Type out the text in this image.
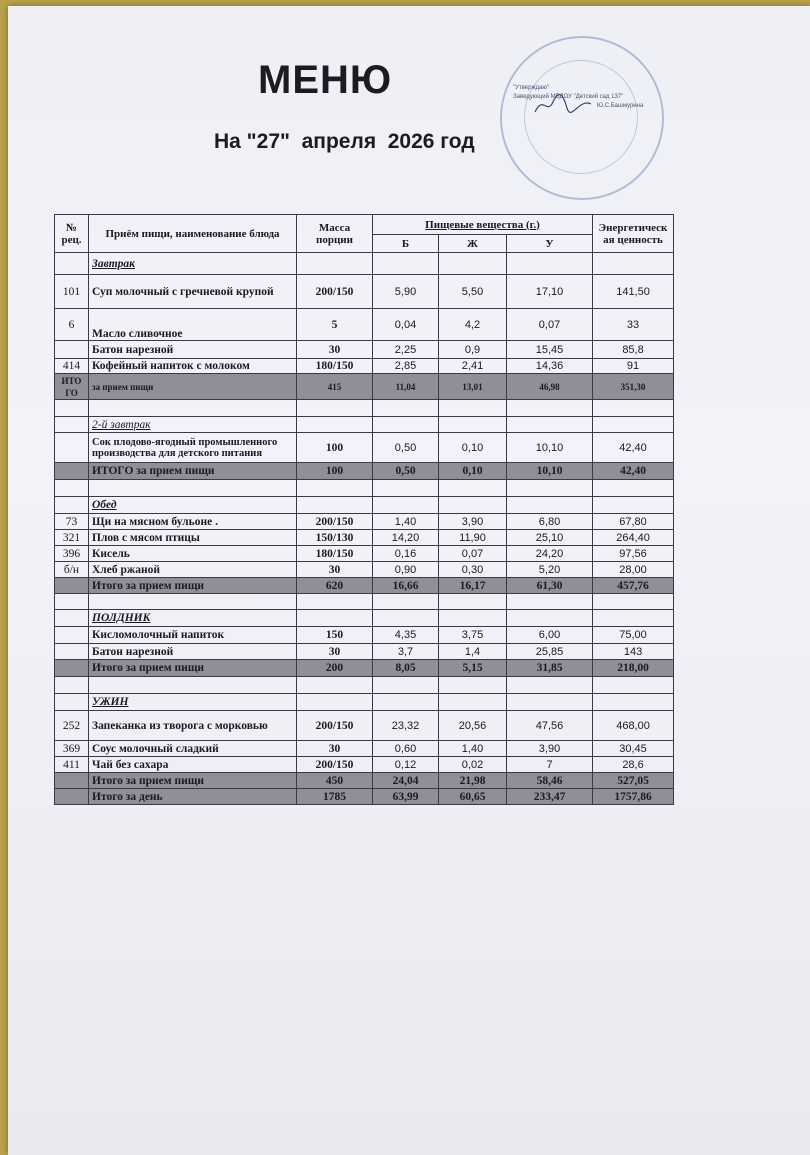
МЕНЮ
На "27"  апреля  2026 год
"Утверждаю"
Заведующий МБДОУ "Детский сад 137"
Ю.С.Башмурина
№ рец.	Приём пищи, наименование блюда	Масса порции	Пищевые вещества (г.)			Энергетическ ая ценность
			Б	Ж	У	
	Завтрак					
101	Суп молочный с гречневой крупой	200/150	5,90	5,50	17,10	141,50
6	Масло сливочное	5	0,04	4,2	0,07	33
	Батон нарезной	30	2,25	0,9	15,45	85,8
414	Кофейный напиток с молоком	180/150	2,85	2,41	14,36	91
ИТО ГО	за прием пищи	415	11,04	13,01	46,98	351,30

	2-й завтрак					
	Сок плодово-ягодный промышленного производства для детского питания	100	0,50	0,10	10,10	42,40
	ИТОГО за прием пищи	100	0,50	0,10	10,10	42,40

	Обед					
73	Щи на мясном бульоне .	200/150	1,40	3,90	6,80	67,80
321	Плов с мясом птицы	150/130	14,20	11,90	25,10	264,40
396	Кисель	180/150	0,16	0,07	24,20	97,56
б/н	Хлеб ржаной	30	0,90	0,30	5,20	28,00
	Итого за прием пищи	620	16,66	16,17	61,30	457,76

	ПОЛДНИК					
	Кисломолочный напиток	150	4,35	3,75	6,00	75,00
	Батон нарезной	30	3,7	1,4	25,85	143
	Итого за прием пищи	200	8,05	5,15	31,85	218,00

	УЖИН					
252	Запеканка из творога с морковью	200/150	23,32	20,56	47,56	468,00
369	Соус молочный сладкий	30	0,60	1,40	3,90	30,45
411	Чай без сахара	200/150	0,12	0,02	7	28,6
	Итого за прием пищи	450	24,04	21,98	58,46	527,05
	Итого за день	1785	63,99	60,65	233,47	1757,86
